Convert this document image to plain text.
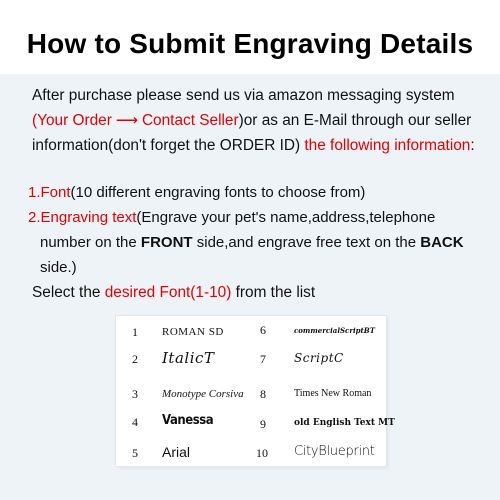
How to Submit Engraving Details
After purchase please send us via amazon messaging system
(Your Order ⟶ Contact Seller)or as an E-Mail through our seller
information(don't forget the ORDER ID) the following information:
1.Font(10 different engraving fonts to choose from)
2.Engraving text(Engrave your pet's name,address,telephone
number on the FRONT side,and engrave free text on the BACK side.)
Select the desired Font(1-10) from the list
1 ROMAN SD
2 ItalicT
3 Monotype Corsiva
4 Vanessa
5 Arial
6	commercialScriptBT
7 ScriptC
8	Times New Roman
9	old English Text MT
10 CityBlueprint
